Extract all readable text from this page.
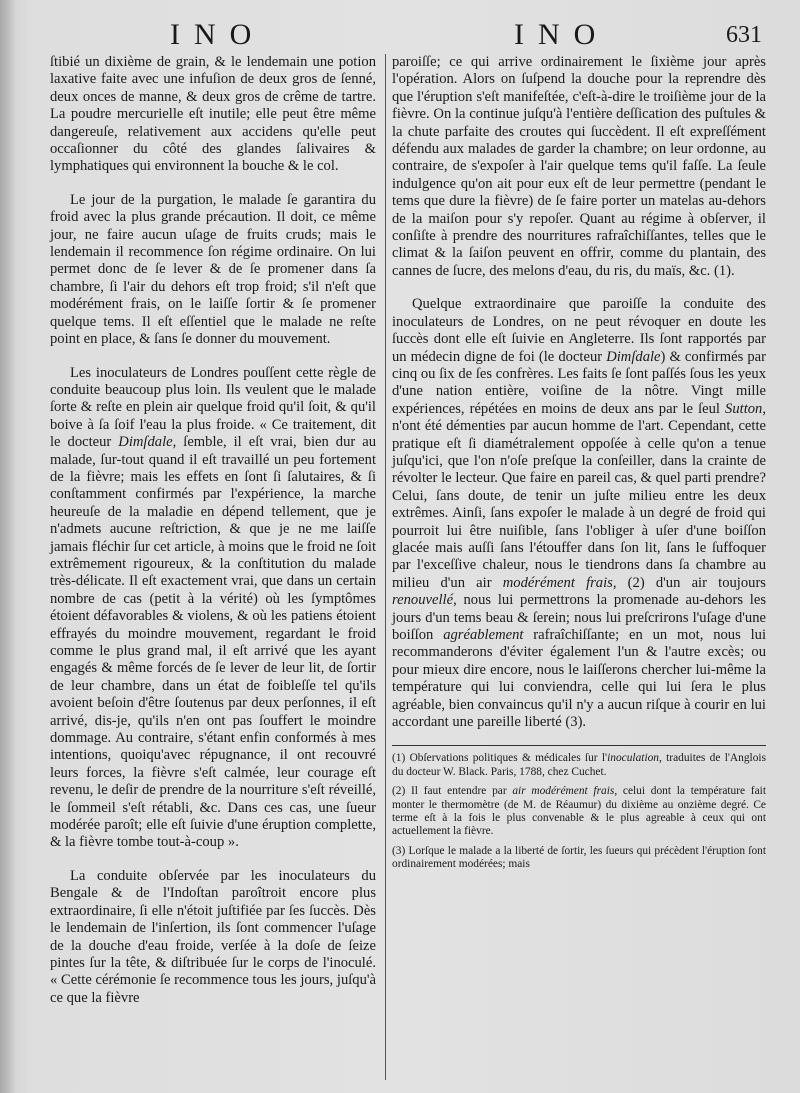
INO	INO	631

ſtibié un dixième de grain, & le lendemain une potion laxative faite avec une infuſion de deux gros de ſenné, deux onces de manne, & deux gros de crême de tartre. La poudre mercurielle eſt inutile; elle peut être même dangereuſe, relativement aux accidens qu'elle peut occaſionner du côté des glandes ſalivaires & lymphatiques qui environnent la bouche & le col.

Le jour de la purgation, le malade ſe garantira du froid avec la plus grande précaution. Il doit, ce même jour, ne faire aucun uſage de fruits cruds; mais le lendemain il recommence ſon régime ordinaire. On lui permet donc de ſe lever & de ſe promener dans ſa chambre, ſi l'air du dehors eſt trop froid; s'il n'eſt que modérément frais, on le laiſſe ſortir & ſe promener quelque tems. Il eſt eſſentiel que le malade ne reſte point en place, & ſans ſe donner du mouvement.

Les inoculateurs de Londres pouſſent cette règle de conduite beaucoup plus loin. Ils veulent que le malade ſorte & reſte en plein air quelque froid qu'il ſoit, & qu'il boive à ſa ſoif l'eau la plus froide. « Ce traitement, dit le docteur Dimſdale, ſemble, il eſt vrai, bien dur au malade, ſur-tout quand il eſt travaillé un peu fortement de la fièvre; mais les effets en ſont ſi ſalutaires, & ſi conſtamment confirmés par l'expérience, la marche heureuſe de la maladie en dépend tellement, que je n'admets aucune reſtriction, & que je ne me laiſſe jamais fléchir ſur cet article, à moins que le froid ne ſoit extrêmement rigoureux, & la conſtitution du malade très-délicate. Il eſt exactement vrai, que dans un certain nombre de cas (petit à la vérité) où les ſymptômes étoient défavorables & violens, & où les patiens étoient effrayés du moindre mouvement, regardant le froid comme le plus grand mal, il eſt arrivé que les ayant engagés & même forcés de ſe lever de leur lit, de ſortir de leur chambre, dans un état de foibleſſe tel qu'ils avoient beſoin d'être ſoutenus par deux perſonnes, il eſt arrivé, dis-je, qu'ils n'en ont pas ſouffert le moindre dommage. Au contraire, s'étant enfin conformés à mes intentions, quoiqu'avec répugnance, il ont recouvré leurs forces, la fièvre s'eſt calmée, leur courage eſt revenu, le deſir de prendre de la nourriture s'eſt réveillé, le ſommeil s'eſt rétabli, &c. Dans ces cas, une ſueur modérée paroît; elle eſt ſuivie d'une éruption complette, & la fièvre tombe tout-à-coup ».

La conduite obſervée par les inoculateurs du Bengale & de l'Indoſtan paroîtroit encore plus extraordinaire, ſi elle n'étoit juſtifiée par ſes ſuccès. Dès le lendemain de l'inſertion, ils ſont commencer l'uſage de la douche d'eau froide, verſée à la doſe de ſeize pintes ſur la tête, & diſtribuée ſur le corps de l'inoculé. « Cette cérémonie ſe recommence tous les jours, juſqu'à ce que la fièvre

paroiſſe; ce qui arrive ordinairement le ſixième jour après l'opération. Alors on ſuſpend la douche pour la reprendre dès que l'éruption s'eſt manifeſtée, c'eſt-à-dire le troiſième jour de la fièvre. On la continue juſqu'à l'entière deſſication des puſtules & la chute parfaite des croutes qui ſuccèdent. Il eſt expreſſément défendu aux malades de garder la chambre; on leur ordonne, au contraire, de s'expoſer à l'air quelque tems qu'il faſſe. La ſeule indulgence qu'on ait pour eux eſt de leur permettre (pendant le tems que dure la fièvre) de ſe faire porter un matelas au-dehors de la maiſon pour s'y repoſer. Quant au régime à obſerver, il conſiſte à prendre des nourritures rafraîchiſſantes, telles que le climat & la ſaiſon peuvent en offrir, comme du plantain, des cannes de ſucre, des melons d'eau, du ris, du maïs, &c. (1).

Quelque extraordinaire que paroiſſe la conduite des inoculateurs de Londres, on ne peut révoquer en doute les ſuccès dont elle eſt ſuivie en Angleterre. Ils ſont rapportés par un médecin digne de foi (le docteur Dimſdale) & confirmés par cinq ou ſix de ſes confrères. Les faits ſe ſont paſſés ſous les yeux d'une nation entière, voiſine de la nôtre. Vingt mille expériences, répétées en moins de deux ans par le ſeul Sutton, n'ont été démenties par aucun homme de l'art. Cependant, cette pratique eſt ſi diamétralement oppoſée à celle qu'on a tenue juſqu'ici, que l'on n'oſe preſque la conſeiller, dans la crainte de révolter le lecteur. Que faire en pareil cas, & quel parti prendre? Celui, ſans doute, de tenir un juſte milieu entre les deux extrêmes. Ainſi, ſans expoſer le malade à un degré de froid qui pourroit lui être nuiſible, ſans l'obliger à uſer d'une boiſſon glacée mais auſſi ſans l'étouffer dans ſon lit, ſans le ſuffoquer par l'exceſſive chaleur, nous le tiendrons dans ſa chambre au milieu d'un air modérément frais, (2) d'un air toujours renouvellé, nous lui permettrons la promenade au-dehors les jours d'un tems beau & ſerein; nous lui preſcrirons l'uſage d'une boiſſon agréablement rafraîchiſſante; en un mot, nous lui recommanderons d'éviter également l'un & l'autre excès; ou pour mieux dire encore, nous le laiſſerons chercher lui-même la température qui lui conviendra, celle qui lui ſera le plus agréable, bien convaincus qu'il n'y a aucun riſque à courir en lui accordant une pareille liberté (3).

(1) Obſervations politiques & médicales ſur l'inoculation, traduites de l'Anglois du docteur W. Black. Paris, 1788, chez Cuchet.

(2) Il faut entendre par air modérément frais, celui dont la température fait monter le thermomètre (de M. de Réaumur) du dixième au onzième degré. Ce terme eſt à la fois le plus convenable & le plus agreable à ceux qui ont actuellement la fièvre.

(3) Lorſque le malade a la liberté de ſortir, les ſueurs qui précèdent l'éruption ſont ordinairement modérées; mais
